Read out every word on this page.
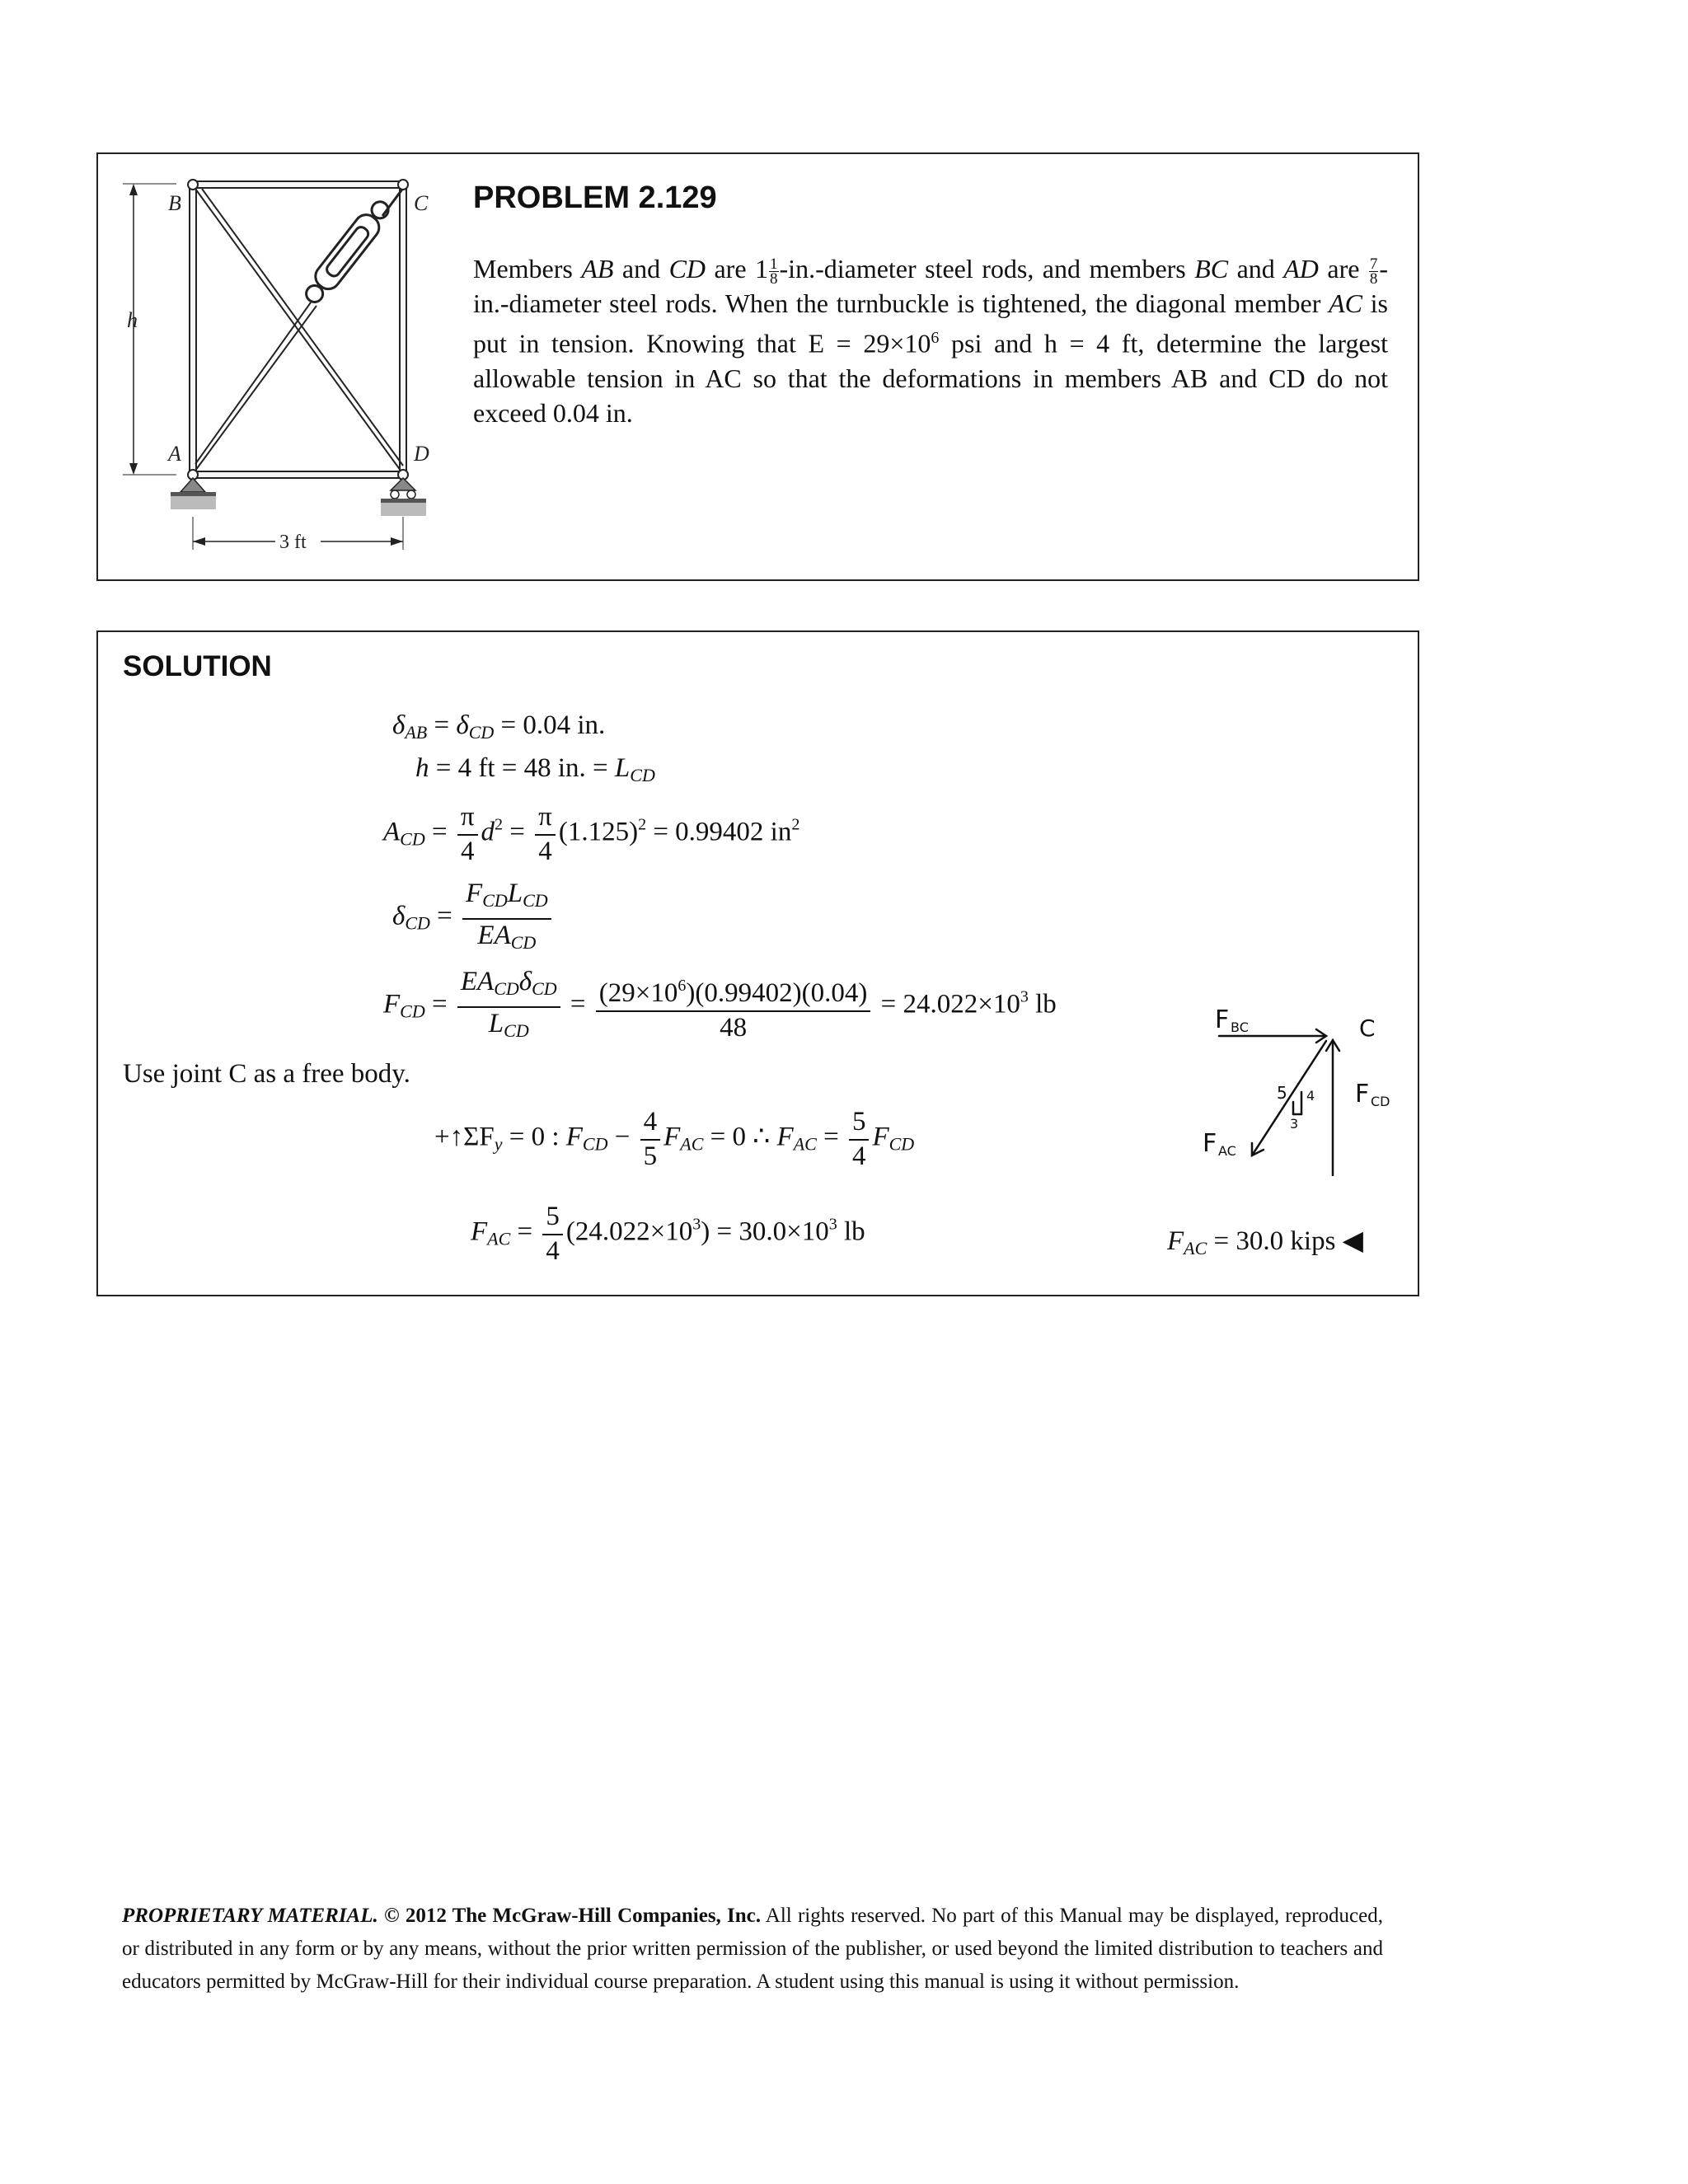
B	C
A	D
h
3 ft
PROBLEM 2.129
Members AB and CD are $1 \frac{1}{8}$ -in.-diameter steel rods, and members BC and AD are $\frac{7}{8}$ -in.-diameter steel rods. When the turnbuckle is tightened, the diagonal member AC is put in tension. Knowing that $E = 29\times 10^6$ psi and h = 4 ft, determine the largest allowable tension in AC so that the deformations in members AB and CD do not exceed 0.04 in.
SOLUTION
$\delta_{AB} = \delta_{CD} = 0.04$ in.
h = 4 ft = 48 in. = $L_{CD}$
$A_{CD} = \frac{\pi}{4} d^2 = \frac{\pi}{4} (1.125)^2 = 0.99402$ $in^2$
$\delta_{CD}$ =
$F_{CD}L_{CD}$
$EA_{CD}$
$F_{CD}$ =
$EA_{CD}\delta_{CD}$
$L_{CD}$
= $\frac{(29\times 10^6)(0.99402)(0.04)}{48} = 24.022\times 10^3$ lb
Use joint C as a free body.
$+↑\Sigma F_y = 0$ : $F_{CD} - \frac{4}{5} F_{AC} = 0$ ∴ $F_{AC} = \frac{5}{4} F_{CD}$
$F_{AC} = \frac{5}{4} (24.022\times 10^3) = 30.0\times 10^3$ lb	$F_{AC} = 30.0$ kips ◀
F BC	C
F CD
F AC
5 4
3
PROPRIETARY MATERIAL. © 2012 The McGraw-Hill Companies, Inc. All rights reserved. No part of this Manual may be displayed, reproduced, or distributed in any form or by any means, without the prior written permission of the publisher, or used beyond the limited distribution to teachers and educators permitted by McGraw-Hill for their individual course preparation. A student using this manual is using it without permission.
